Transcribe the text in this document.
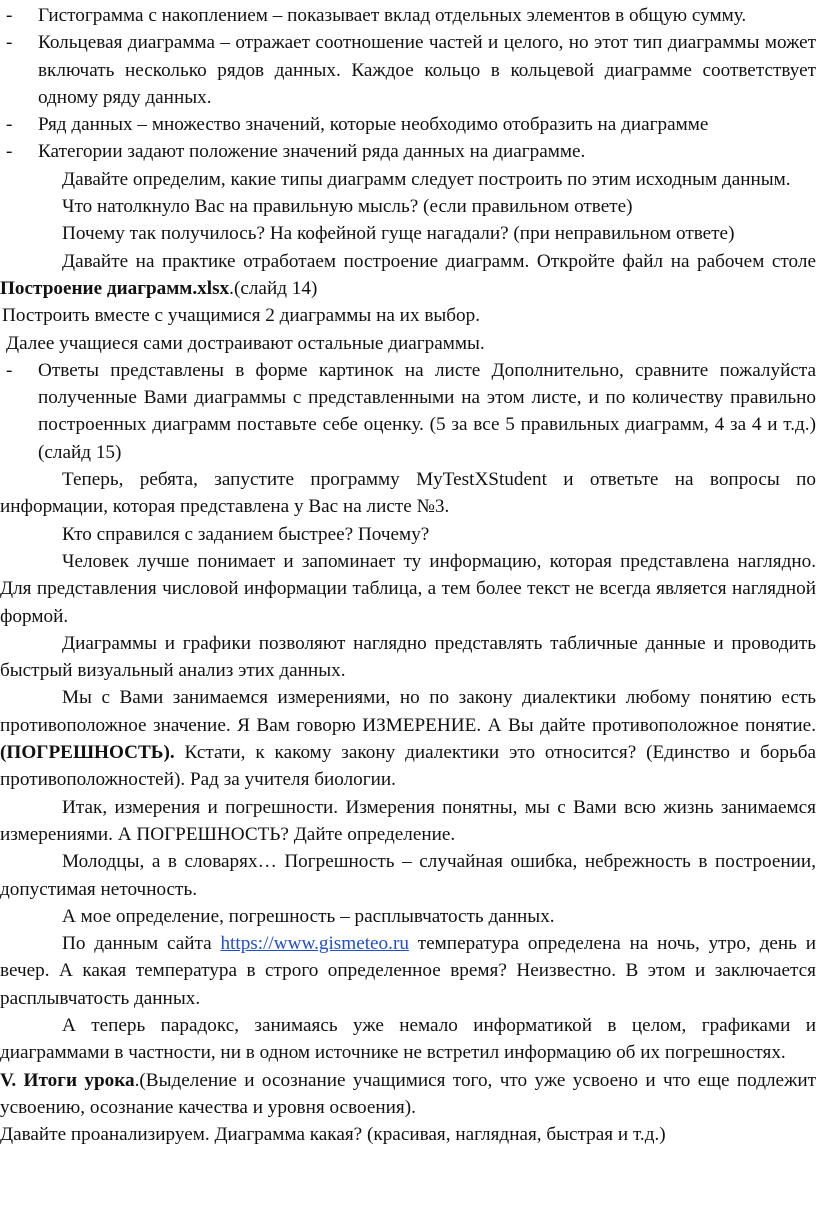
- Гистограмма с накоплением – показывает вклад отдельных элементов в общую сумму.

- Кольцевая диаграмма – отражает соотношение частей и целого, но этот тип диаграммы может включать несколько рядов данных. Каждое кольцо в кольцевой диаграмме соответствует одному ряду данных.

- Ряд данных – множество значений, которые необходимо отобразить на диаграмме

- Категории задают положение значений ряда данных на диаграмме.

Давайте определим, какие типы диаграмм следует построить по этим исходным данным.

Что натолкнуло Вас на правильную мысль? (если правильном ответе)

Почему так получилось? На кофейной гуще нагадали? (при неправильном ответе)

Давайте на практике отработаем построение диаграмм. Откройте файл на рабочем столе Построение диаграмм.xlsx.(слайд 14)

Построить вместе с учащимися 2 диаграммы на их выбор.

Далее учащиеся сами достраивают остальные диаграммы.

- Ответы представлены в форме картинок на листе Дополнительно, сравните пожалуйста полученные Вами диаграммы с представленными на этом листе, и по количеству правильно построенных диаграмм поставьте себе оценку. (5 за все 5 правильных диаграмм, 4 за 4 и т.д.) (слайд 15)

Теперь, ребята, запустите программу MyTestXStudent и ответьте на вопросы по информации, которая представлена у Вас на листе №3.

Кто справился с заданием быстрее? Почему?

Человек лучше понимает и запоминает ту информацию, которая представлена наглядно. Для представления числовой информации таблица, а тем более текст не всегда является наглядной формой.

Диаграммы и графики позволяют наглядно представлять табличные данные и проводить быстрый визуальный анализ этих данных.

Мы с Вами занимаемся измерениями, но по закону диалектики любому понятию есть противоположное значение. Я Вам говорю ИЗМЕРЕНИЕ. А Вы дайте противоположное понятие. (ПОГРЕШНОСТЬ). Кстати, к какому закону диалектики это относится? (Единство и борьба противоположностей). Рад за учителя биологии.

Итак, измерения и погрешности. Измерения понятны, мы с Вами всю жизнь занимаемся измерениями. А ПОГРЕШНОСТЬ? Дайте определение.

Молодцы, а в словарях… Погрешность – случайная ошибка, небрежность в построении, допустимая неточность.

А мое определение, погрешность – расплывчатость данных.

По данным сайта https://www.gismeteo.ru температура определена на ночь, утро, день и вечер. А какая температура в строго определенное время? Неизвестно. В этом и заключается расплывчатость данных.

А теперь парадокс, занимаясь уже немало информатикой в целом, графиками и диаграммами в частности, ни в одном источнике не встретил информацию об их погрешностях.

V. Итоги урока.(Выделение и осознание учащимися того, что уже усвоено и что еще подлежит усвоению, осознание качества и уровня освоения).

Давайте проанализируем. Диаграмма какая? (красивая, наглядная, быстрая и т.д.)
